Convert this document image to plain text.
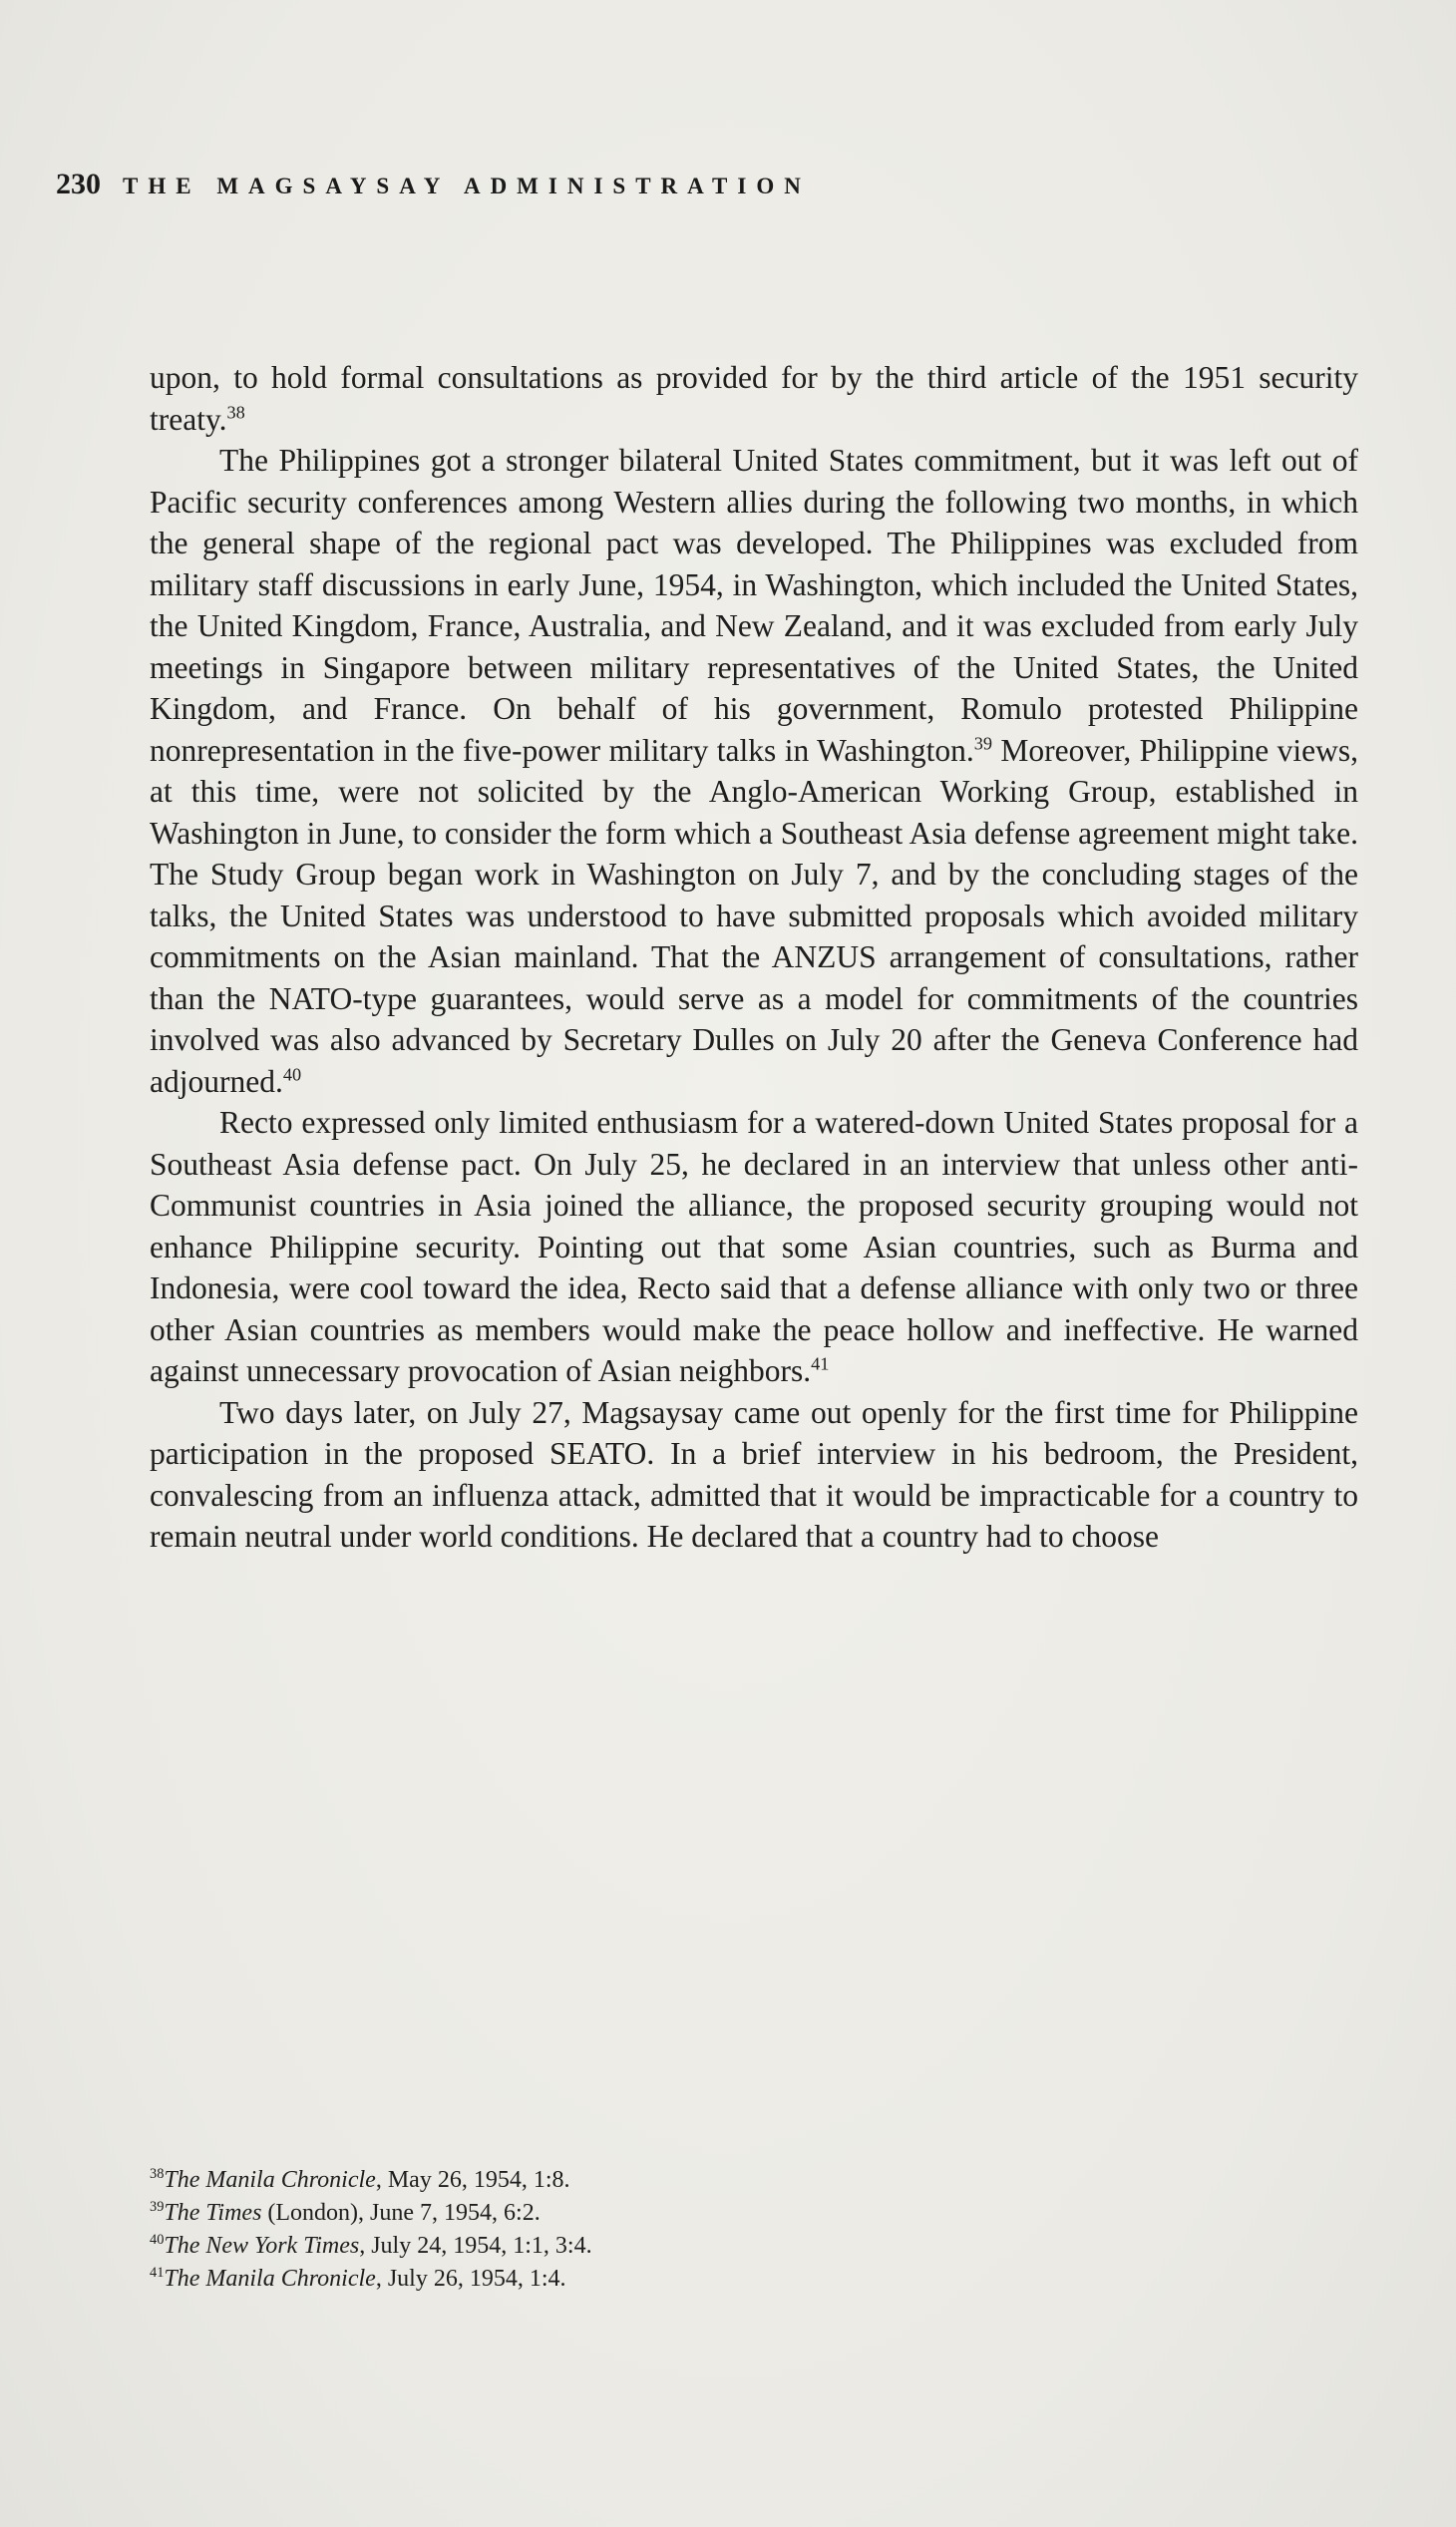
230 THE MAGSAYSAY ADMINISTRATION

upon, to hold formal consultations as provided for by the third article of the 1951 security treaty.$^{38}$

The Philippines got a stronger bilateral United States commitment, but it was left out of Pacific security conferences among Western allies during the following two months, in which the general shape of the regional pact was developed. The Philippines was excluded from military staff discussions in early June, 1954, in Washington, which included the United States, the United Kingdom, France, Australia, and New Zealand, and it was excluded from early July meetings in Singapore between military representatives of the United States, the United Kingdom, and France. On behalf of his government, Romulo protested Philippine nonrepresentation in the five-power military talks in Washington.$^{39}$ Moreover, Philippine views, at this time, were not solicited by the Anglo-American Working Group, established in Washington in June, to consider the form which a Southeast Asia defense agreement might take. The Study Group began work in Washington on July 7, and by the concluding stages of the talks, the United States was understood to have submitted proposals which avoided military commitments on the Asian mainland. That the ANZUS arrangement of consultations, rather than the NATO-type guarantees, would serve as a model for commitments of the countries involved was also advanced by Secretary Dulles on July 20 after the Geneva Conference had adjourned.$^{40}$

Recto expressed only limited enthusiasm for a watered-down United States proposal for a Southeast Asia defense pact. On July 25, he declared in an interview that unless other anti-Communist countries in Asia joined the alliance, the proposed security grouping would not enhance Philippine security. Pointing out that some Asian countries, such as Burma and Indonesia, were cool toward the idea, Recto said that a defense alliance with only two or three other Asian countries as members would make the peace hollow and ineffective. He warned against unnecessary provocation of Asian neighbors.$^{41}$

Two days later, on July 27, Magsaysay came out openly for the first time for Philippine participation in the proposed SEATO. In a brief interview in his bedroom, the President, convalescing from an influenza attack, admitted that it would be impracticable for a country to remain neutral under world conditions. He declared that a country had to choose

$^{38}$The Manila Chronicle, May 26, 1954, 1:8.
$^{39}$The Times (London), June 7, 1954, 6:2.
$^{40}$The New York Times, July 24, 1954, 1:1, 3:4.
$^{41}$The Manila Chronicle, July 26, 1954, 1:4.
